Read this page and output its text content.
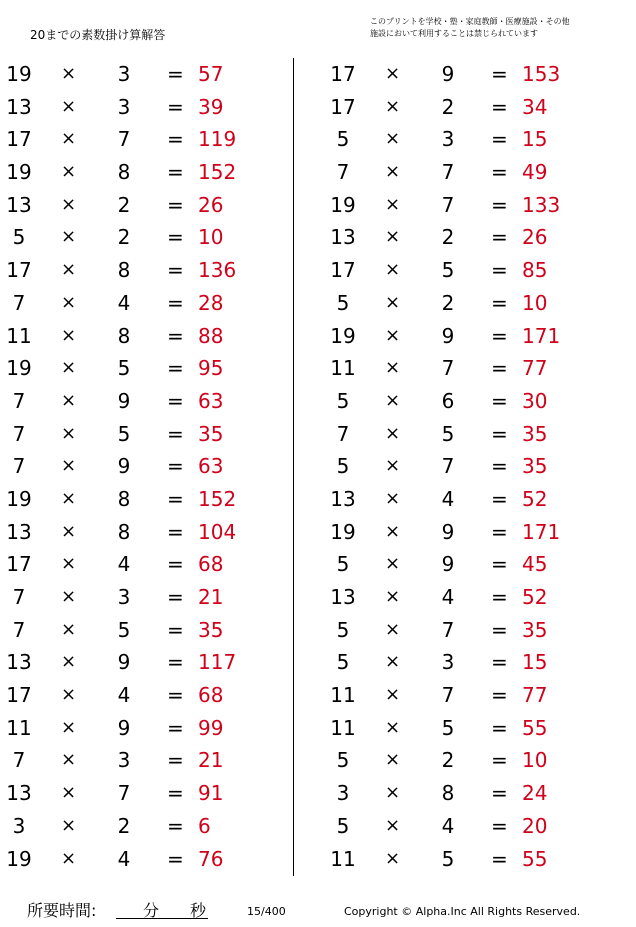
20までの素数掛け算解答
このプリントを学校・塾・家庭教師・医療施設・その他
施設において利用することは禁じられています
19 × 3 = 57
13 × 3 = 39
17 × 7 = 119
19 × 8 = 152
13 × 2 = 26
5	× 2 = 10
17 × 8 = 136
7	× 4 = 28
11 × 8 = 88
19 × 5 = 95
7	× 9 = 63
7	× 5 = 35
7	× 9 = 63
19 × 8 = 152
13 × 8 = 104
17 × 4 = 68
7	× 3 = 21
7	× 5 = 35
13 × 9 = 117
17 × 4 = 68
11 × 9 = 99
7	× 3 = 21
13 × 7 = 91
3	× 2 = 6
19 × 4 = 76
17 × 9 = 153
17 × 2 = 34
5	× 3 = 15
7	× 7 = 49
19 × 7 = 133
13 × 2 = 26
17 × 5 = 85
5	× 2 = 10
19 × 9 = 171
11 × 7 = 77
5	× 6 = 30
7	× 5 = 35
5	× 7 = 35
13 × 4 = 52
19 × 9 = 171
5	× 9 = 45
13 × 4 = 52
5	× 7 = 35
5	× 3 = 15
11 × 7 = 77
11 × 5 = 55
5	× 2 = 10
3	× 8 = 24
5	× 4 = 20
11 × 5 = 55
所要時間:	分 秒	15/400	Copyright © Alpha.Inc All Rights Reserved.
